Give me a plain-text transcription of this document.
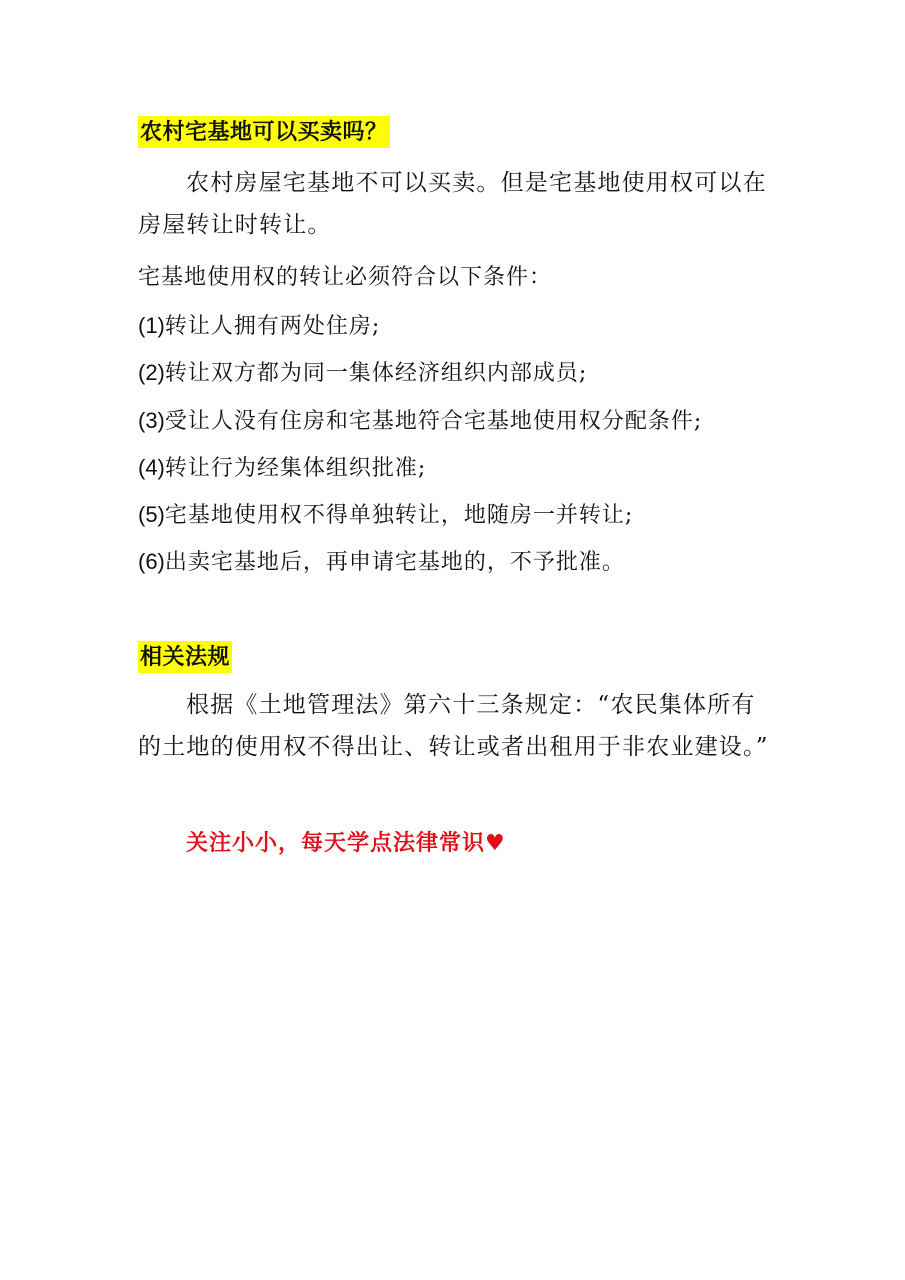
农村宅基地可以买卖吗？

农村房屋宅基地不可以买卖。但是宅基地使用权可以在房屋转让时转让。

宅基地使用权的转让必须符合以下条件：
(1)转让人拥有两处住房;
(2)转让双方都为同一集体经济组织内部成员;
(3)受让人没有住房和宅基地符合宅基地使用权分配条件;
(4)转让行为经集体组织批准;
(5)宅基地使用权不得单独转让，地随房一并转让;
(6)出卖宅基地后，再申请宅基地的，不予批准。
相关法规

根据《土地管理法》第六十三条规定：“农民集体所有的土地的使用权不得出让、转让或者出租用于非农业建设。”

关注小小，每天学点法律常识♥
